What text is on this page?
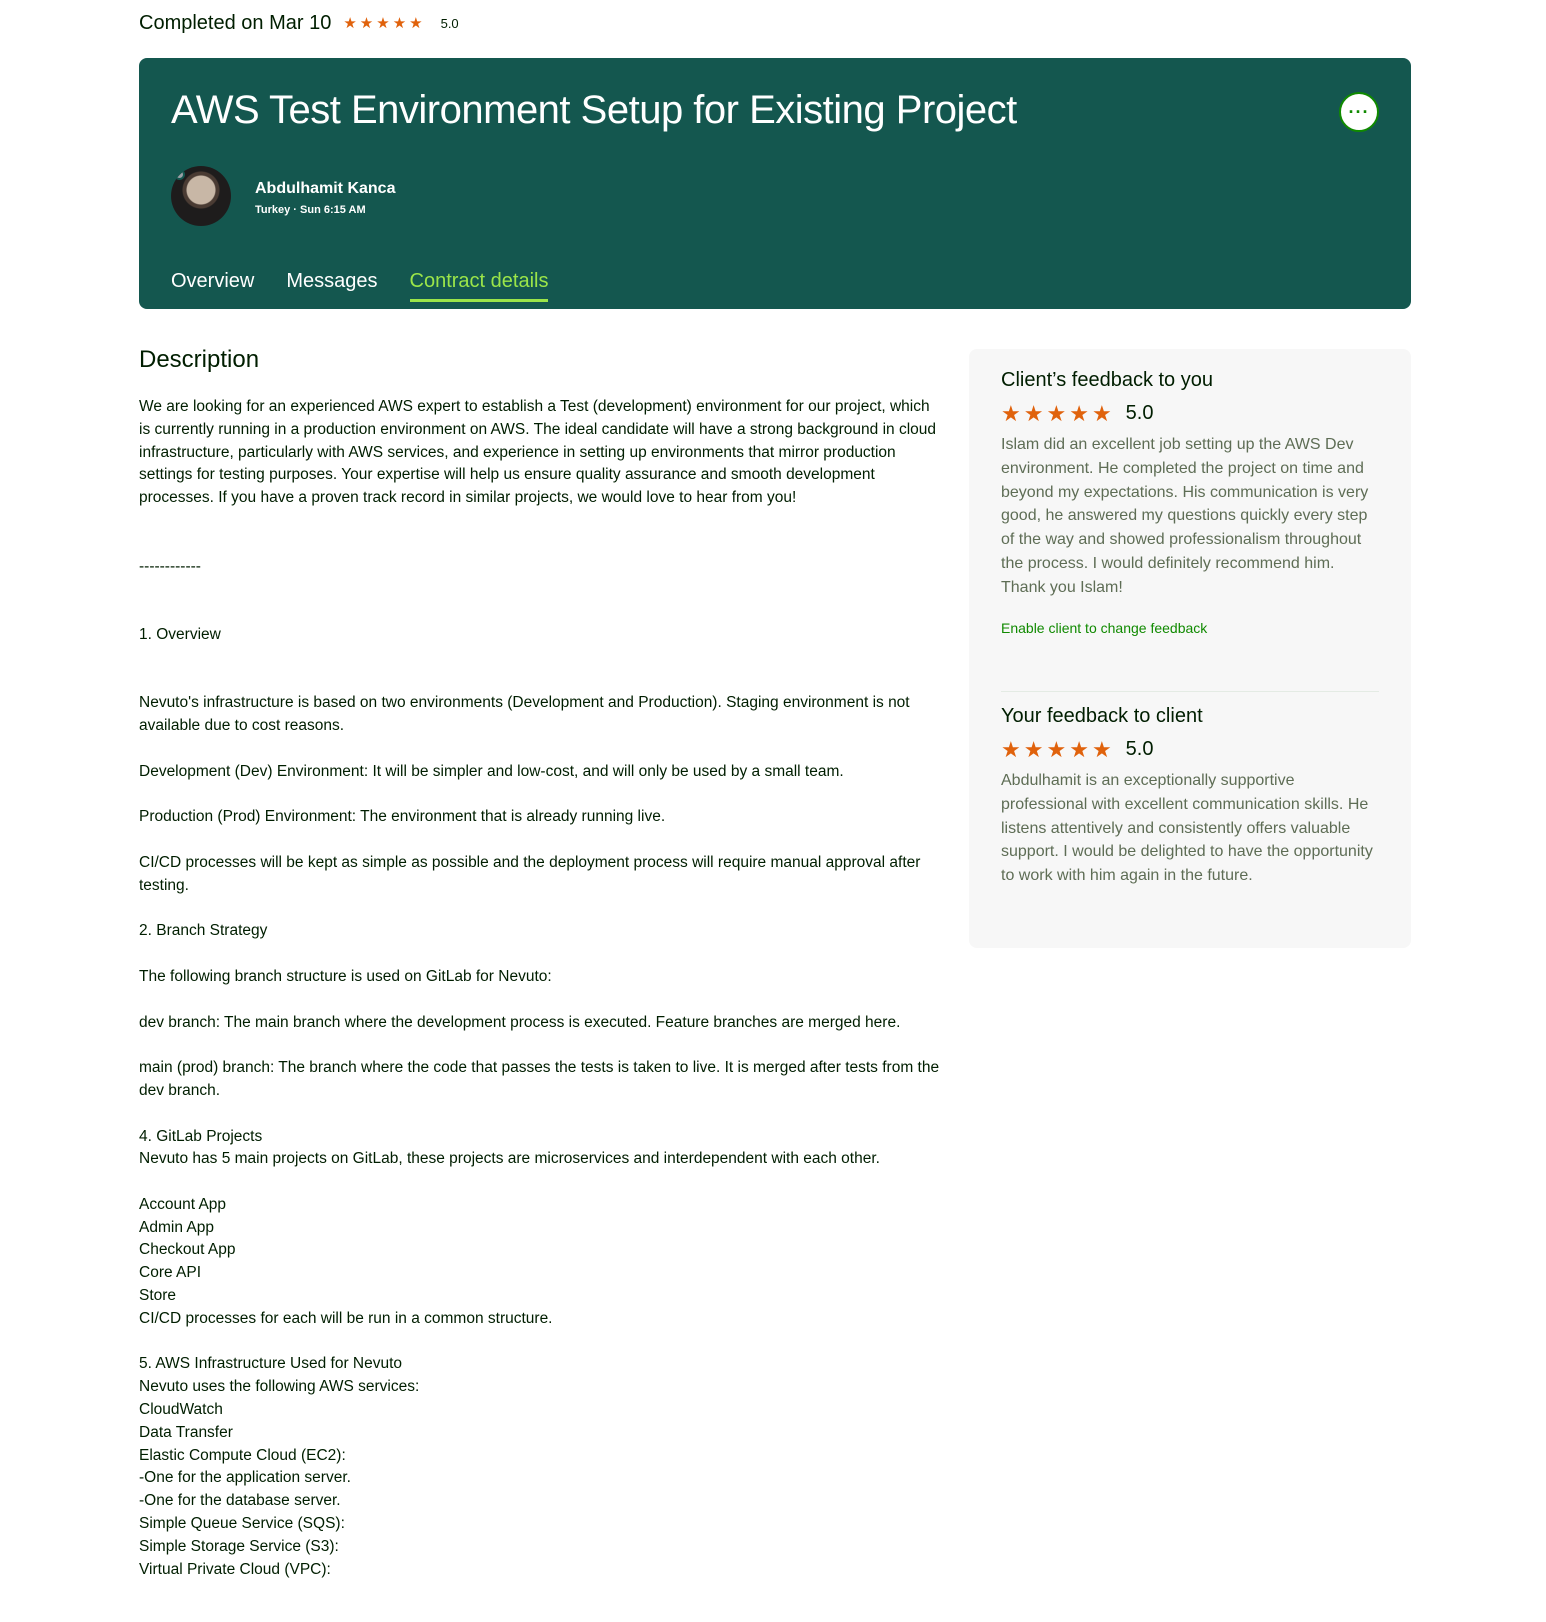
Completed on Mar 10 ★ ★ ★ ★ ★ 5.0
AWS Test Environment Setup for Existing Project	···
Abdulhamit Kanca
Turkey · Sun 6:15 AM
Overview Messages Contract details
Description

We are looking for an experienced AWS expert to establish a Test (development) environment for our project, which is currently running in a production environment on AWS. The ideal candidate will have a strong background in cloud infrastructure, particularly with AWS services, and experience in setting up environments that mirror production settings for testing purposes. Your expertise will help us ensure quality assurance and smooth development processes. If you have a proven track record in similar projects, we would love to hear from you!

------------

1. Overview

Nevuto's infrastructure is based on two environments (Development and Production). Staging environment is not available due to cost reasons.

Development (Dev) Environment: It will be simpler and low-cost, and will only be used by a small team.

Production (Prod) Environment: The environment that is already running live.

CI/CD processes will be kept as simple as possible and the deployment process will require manual approval after testing.

2. Branch Strategy

The following branch structure is used on GitLab for Nevuto:

dev branch: The main branch where the development process is executed. Feature branches are merged here.

main (prod) branch: The branch where the code that passes the tests is taken to live. It is merged after tests from the dev branch.

4. GitLab Projects

Nevuto has 5 main projects on GitLab, these projects are microservices and interdependent with each other.

Account App

Admin App

Checkout App

Core API

Store

CI/CD processes for each will be run in a common structure.

5. AWS Infrastructure Used for Nevuto

Nevuto uses the following AWS services:

CloudWatch

Data Transfer

Elastic Compute Cloud (EC2):

-One for the application server.

-One for the database server.

Simple Queue Service (SQS):

Simple Storage Service (S3):

Virtual Private Cloud (VPC):

Client’s feedback to you
★ ★ ★ ★ ★ 5.0
Islam did an excellent job setting up the AWS Dev environment. He completed the project on time and beyond my expectations. His communication is very good, he answered my questions quickly every step of the way and showed professionalism throughout the process. I would definitely recommend him. Thank you Islam!
Enable client to change feedback
Your feedback to client
★ ★ ★ ★ ★ 5.0
Abdulhamit is an exceptionally supportive professional with excellent communication skills. He listens attentively and consistently offers valuable support. I would be delighted to have the opportunity to work with him again in the future.
